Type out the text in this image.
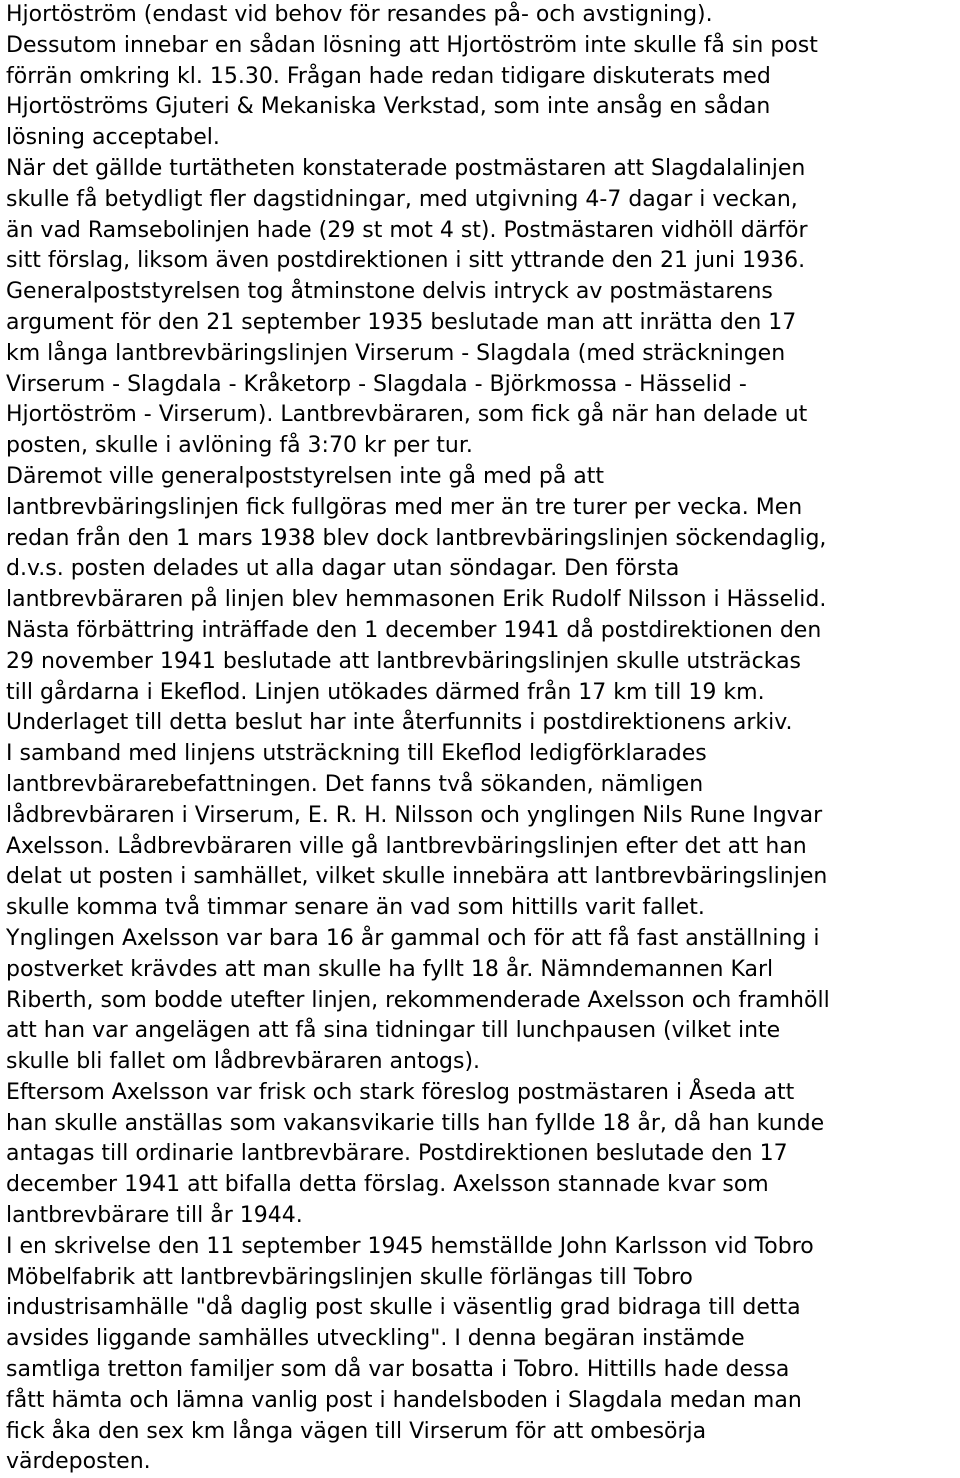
Hjortöström (endast vid behov för resandes på- och avstigning).
Dessutom innebar en sådan lösning att Hjortöström inte skulle få sin post
förrän omkring kl. 15.30. Frågan hade redan tidigare diskuterats med
Hjortöströms Gjuteri & Mekaniska Verkstad, som inte ansåg en sådan
lösning acceptabel.
När det gällde turtätheten konstaterade postmästaren att Slagdalalinjen
skulle få betydligt fler dagstidningar, med utgivning 4-7 dagar i veckan,
än vad Ramsebolinjen hade (29 st mot 4 st). Postmästaren vidhöll därför
sitt förslag, liksom även postdirektionen i sitt yttrande den 21 juni 1936.
Generalpoststyrelsen tog åtminstone delvis intryck av postmästarens
argument för den 21 september 1935 beslutade man att inrätta den 17
km långa lantbrevbäringslinjen Virserum - Slagdala (med sträckningen
Virserum - Slagdala - Kråketorp - Slagdala - Björkmossa - Hässelid -
Hjortöström - Virserum). Lantbrevbäraren, som fick gå när han delade ut
posten, skulle i avlöning få 3:70 kr per tur.
Däremot ville generalpoststyrelsen inte gå med på att
lantbrevbäringslinjen fick fullgöras med mer än tre turer per vecka. Men
redan från den 1 mars 1938 blev dock lantbrevbäringslinjen söckendaglig,
d.v.s. posten delades ut alla dagar utan söndagar. Den första
lantbrevbäraren på linjen blev hemmasonen Erik Rudolf Nilsson i Hässelid.
Nästa förbättring inträffade den 1 december 1941 då postdirektionen den
29 november 1941 beslutade att lantbrevbäringslinjen skulle utsträckas
till gårdarna i Ekeflod. Linjen utökades därmed från 17 km till 19 km.
Underlaget till detta beslut har inte återfunnits i postdirektionens arkiv.
I samband med linjens utsträckning till Ekeflod ledigförklarades
lantbrevbärarebefattningen. Det fanns två sökanden, nämligen
lådbrevbäraren i Virserum, E. R. H. Nilsson och ynglingen Nils Rune Ingvar
Axelsson. Lådbrevbäraren ville gå lantbrevbäringslinjen efter det att han
delat ut posten i samhället, vilket skulle innebära att lantbrevbäringslinjen
skulle komma två timmar senare än vad som hittills varit fallet.
Ynglingen Axelsson var bara 16 år gammal och för att få fast anställning i
postverket krävdes att man skulle ha fyllt 18 år. Nämndemannen Karl
Riberth, som bodde utefter linjen, rekommenderade Axelsson och framhöll
att han var angelägen att få sina tidningar till lunchpausen (vilket inte
skulle bli fallet om lådbrevbäraren antogs).
Eftersom Axelsson var frisk och stark föreslog postmästaren i Åseda att
han skulle anställas som vakansvikarie tills han fyllde 18 år, då han kunde
antagas till ordinarie lantbrevbärare. Postdirektionen beslutade den 17
december 1941 att bifalla detta förslag. Axelsson stannade kvar som
lantbrevbärare till år 1944.
I en skrivelse den 11 september 1945 hemställde John Karlsson vid Tobro
Möbelfabrik att lantbrevbäringslinjen skulle förlängas till Tobro
industrisamhälle "då daglig post skulle i väsentlig grad bidraga till detta
avsides liggande samhälles utveckling". I denna begäran instämde
samtliga tretton familjer som då var bosatta i Tobro. Hittills hade dessa
fått hämta och lämna vanlig post i handelsboden i Slagdala medan man
fick åka den sex km långa vägen till Virserum för att ombesörja
värdeposten.
